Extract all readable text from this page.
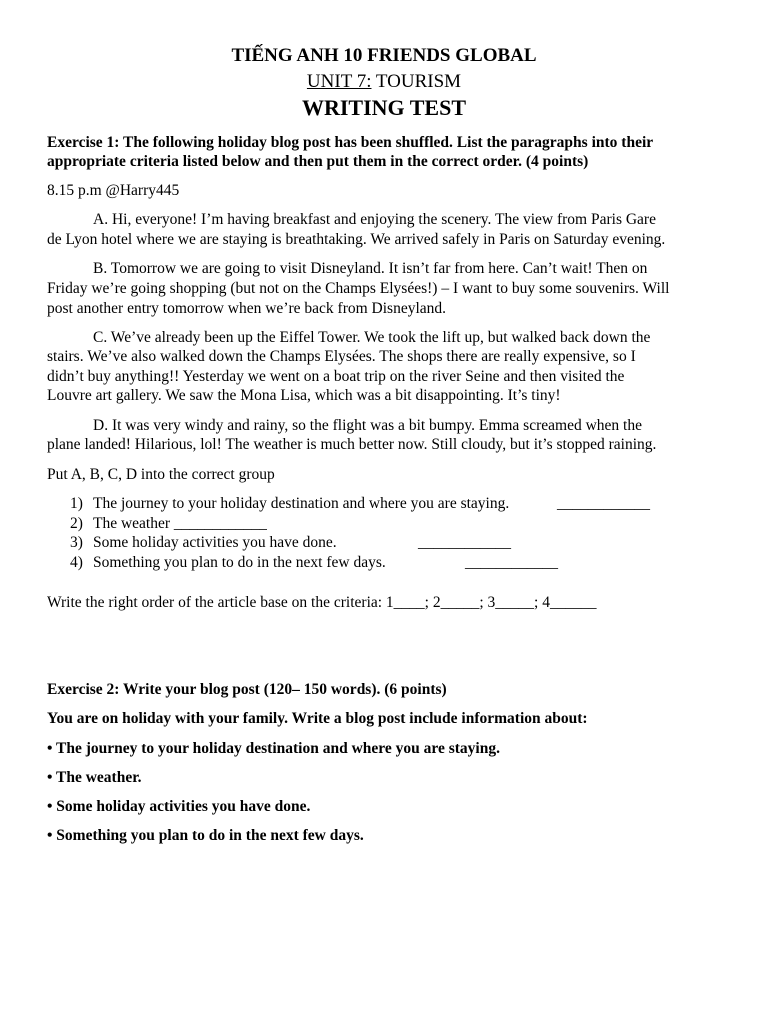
TIẾNG ANH 10 FRIENDS GLOBAL
UNIT 7: TOURISM
WRITING TEST
Exercise 1: The following holiday blog post has been shuffled. List the paragraphs into their
appropriate criteria listed below and then put them in the correct order. (4 points)
8.15 p.m @Harry445
A. Hi, everyone! I’m having breakfast and enjoying the scenery. The view from Paris Gare
de Lyon hotel where we are staying is breathtaking. We arrived safely in Paris on Saturday evening.
B. Tomorrow we are going to visit Disneyland. It isn’t far from here. Can’t wait! Then on
Friday we’re going shopping (but not on the Champs Elysées!) – I want to buy some souvenirs. Will
post another entry tomorrow when we’re back from Disneyland.
C. We’ve already been up the Eiffel Tower. We took the lift up, but walked back down the
stairs. We’ve also walked down the Champs Elysées. The shops there are really expensive, so I
didn’t buy anything!! Yesterday we went on a boat trip on the river Seine and then visited the
Louvre art gallery. We saw the Mona Lisa, which was a bit disappointing. It’s tiny!
D. It was very windy and rainy, so the flight was a bit bumpy. Emma screamed when the
plane landed! Hilarious, lol! The weather is much better now. Still cloudy, but it’s stopped raining.
Put A, B, C, D into the correct group
1) The journey to your holiday destination and where you are staying.	____________
2) The weather ____________
3) Some holiday activities you have done.	____________
4) Something you plan to do in the next few days.	____________
Write the right order of the article base on the criteria: 1____; 2_____; 3_____; 4______
Exercise 2: Write your blog post (120– 150 words). (6 points)
You are on holiday with your family. Write a blog post include information about:
• The journey to your holiday destination and where you are staying.
• The weather.
• Some holiday activities you have done.
• Something you plan to do in the next few days.
